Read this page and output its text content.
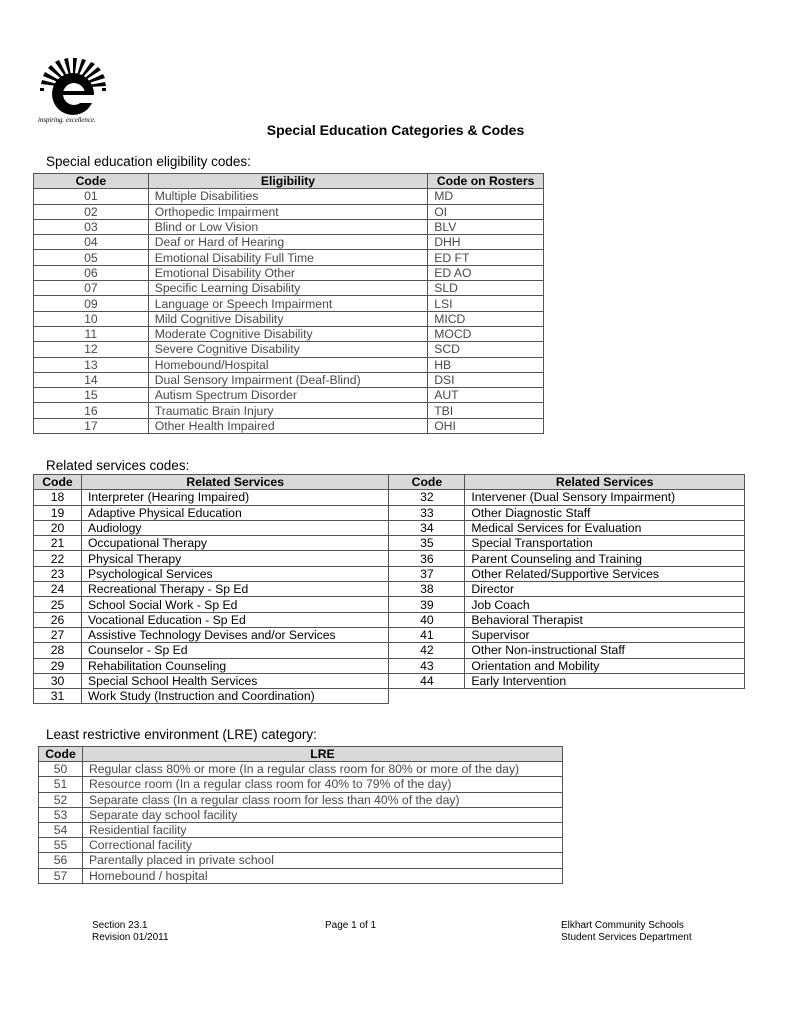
inspiring. excellence.
Special Education Categories & Codes
Special education eligibility codes:
Code	Eligibility	Code on Rosters
01	Multiple Disabilities	MD
02	Orthopedic Impairment	OI
03	Blind or Low Vision	BLV
04	Deaf or Hard of Hearing	DHH
05	Emotional Disability Full Time	ED FT
06	Emotional Disability Other	ED AO
07	Specific Learning Disability	SLD
09	Language or Speech Impairment	LSI
10	Mild Cognitive Disability	MICD
11	Moderate Cognitive Disability	MOCD
12	Severe Cognitive Disability	SCD
13	Homebound/Hospital	HB
14	Dual Sensory Impairment (Deaf-Blind)	DSI
15	Autism Spectrum Disorder	AUT
16	Traumatic Brain Injury	TBI
17	Other Health Impaired	OHI
Related services codes:
Code	Related Services	Code	Related Services
18	Interpreter (Hearing Impaired)	32	Intervener (Dual Sensory Impairment)
19	Adaptive Physical Education	33	Other Diagnostic Staff
20	Audiology	34	Medical Services for Evaluation
21	Occupational Therapy	35	Special Transportation
22	Physical Therapy	36	Parent Counseling and Training
23	Psychological Services	37	Other Related/Supportive Services
24	Recreational Therapy - Sp Ed	38	Director
25	School Social Work - Sp Ed	39	Job Coach
26	Vocational Education - Sp Ed	40	Behavioral Therapist
27	Assistive Technology Devises and/or Services	41	Supervisor
28	Counselor - Sp Ed	42	Other Non-instructional Staff
29	Rehabilitation Counseling	43	Orientation and Mobility
30	Special School Health Services	44	Early Intervention
31	Work Study (Instruction and Coordination)		
Least restrictive environment (LRE) category:
Code	LRE
50	Regular class 80% or more (In a regular class room for 80% or more of the day)
51	Resource room (In a regular class room for 40% to 79% of the day)
52	Separate class (In a regular class room for less than 40% of the day)
53	Separate day school facility
54	Residential facility
55	Correctional facility
56	Parentally placed in private school
57	Homebound / hospital
Section 23.1
Revision 01/2011
Page 1 of 1	Elkhart Community Schools
Student Services Department
